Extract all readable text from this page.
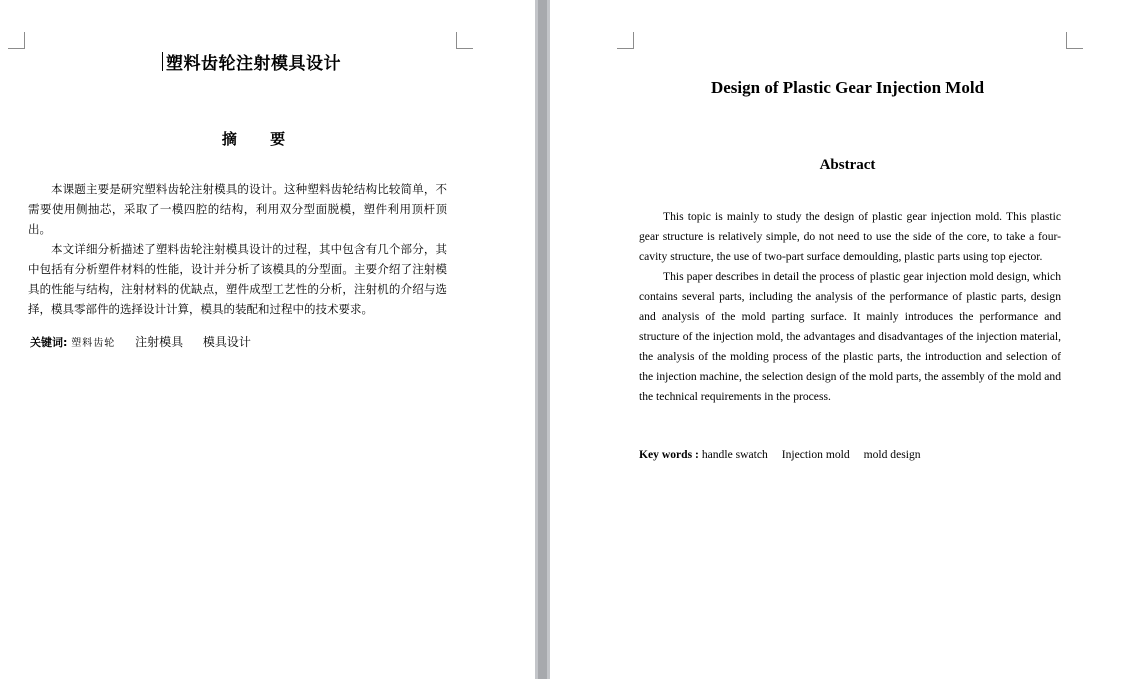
塑料齿轮注射模具设计
摘 要

本课题主要是研究塑料齿轮注射模具的设计。这种塑料齿轮结构比较简单，不需要使用侧抽芯，采取了一模四腔的结构，利用双分型面脱模，塑件利用顶杆顶出。

本文详细分析描述了塑料齿轮注射模具设计的过程，其中包含有几个部分，其中包括有分析塑件材料的性能，设计并分析了该模具的分型面。主要介绍了注射模具的性能与结构，注射材料的优缺点，塑件成型工艺性的分析，注射机的介绍与选择，模具零部件的选择设计计算，模具的装配和过程中的技术要求。

关键词: 塑料齿轮 注射模具 模具设计
Design of Plastic Gear Injection Mold
Abstract

This topic is mainly to study the design of plastic gear injection mold. This plastic gear structure is relatively simple, do not need to use the side of the core, to take a four-cavity structure, the use of two-part surface demoulding, plastic parts using top ejector.

This paper describes in detail the process of plastic gear injection mold design, which contains several parts, including the analysis of the performance of plastic parts, design and analysis of the mold parting surface. It mainly introduces the performance and structure of the injection mold, the advantages and disadvantages of the injection material, the analysis of the molding process of the plastic parts, the introduction and selection of the injection machine, the selection design of the mold parts, the assembly of the mold and the technical requirements in the process.

Key words : handle swatch Injection mold mold design
